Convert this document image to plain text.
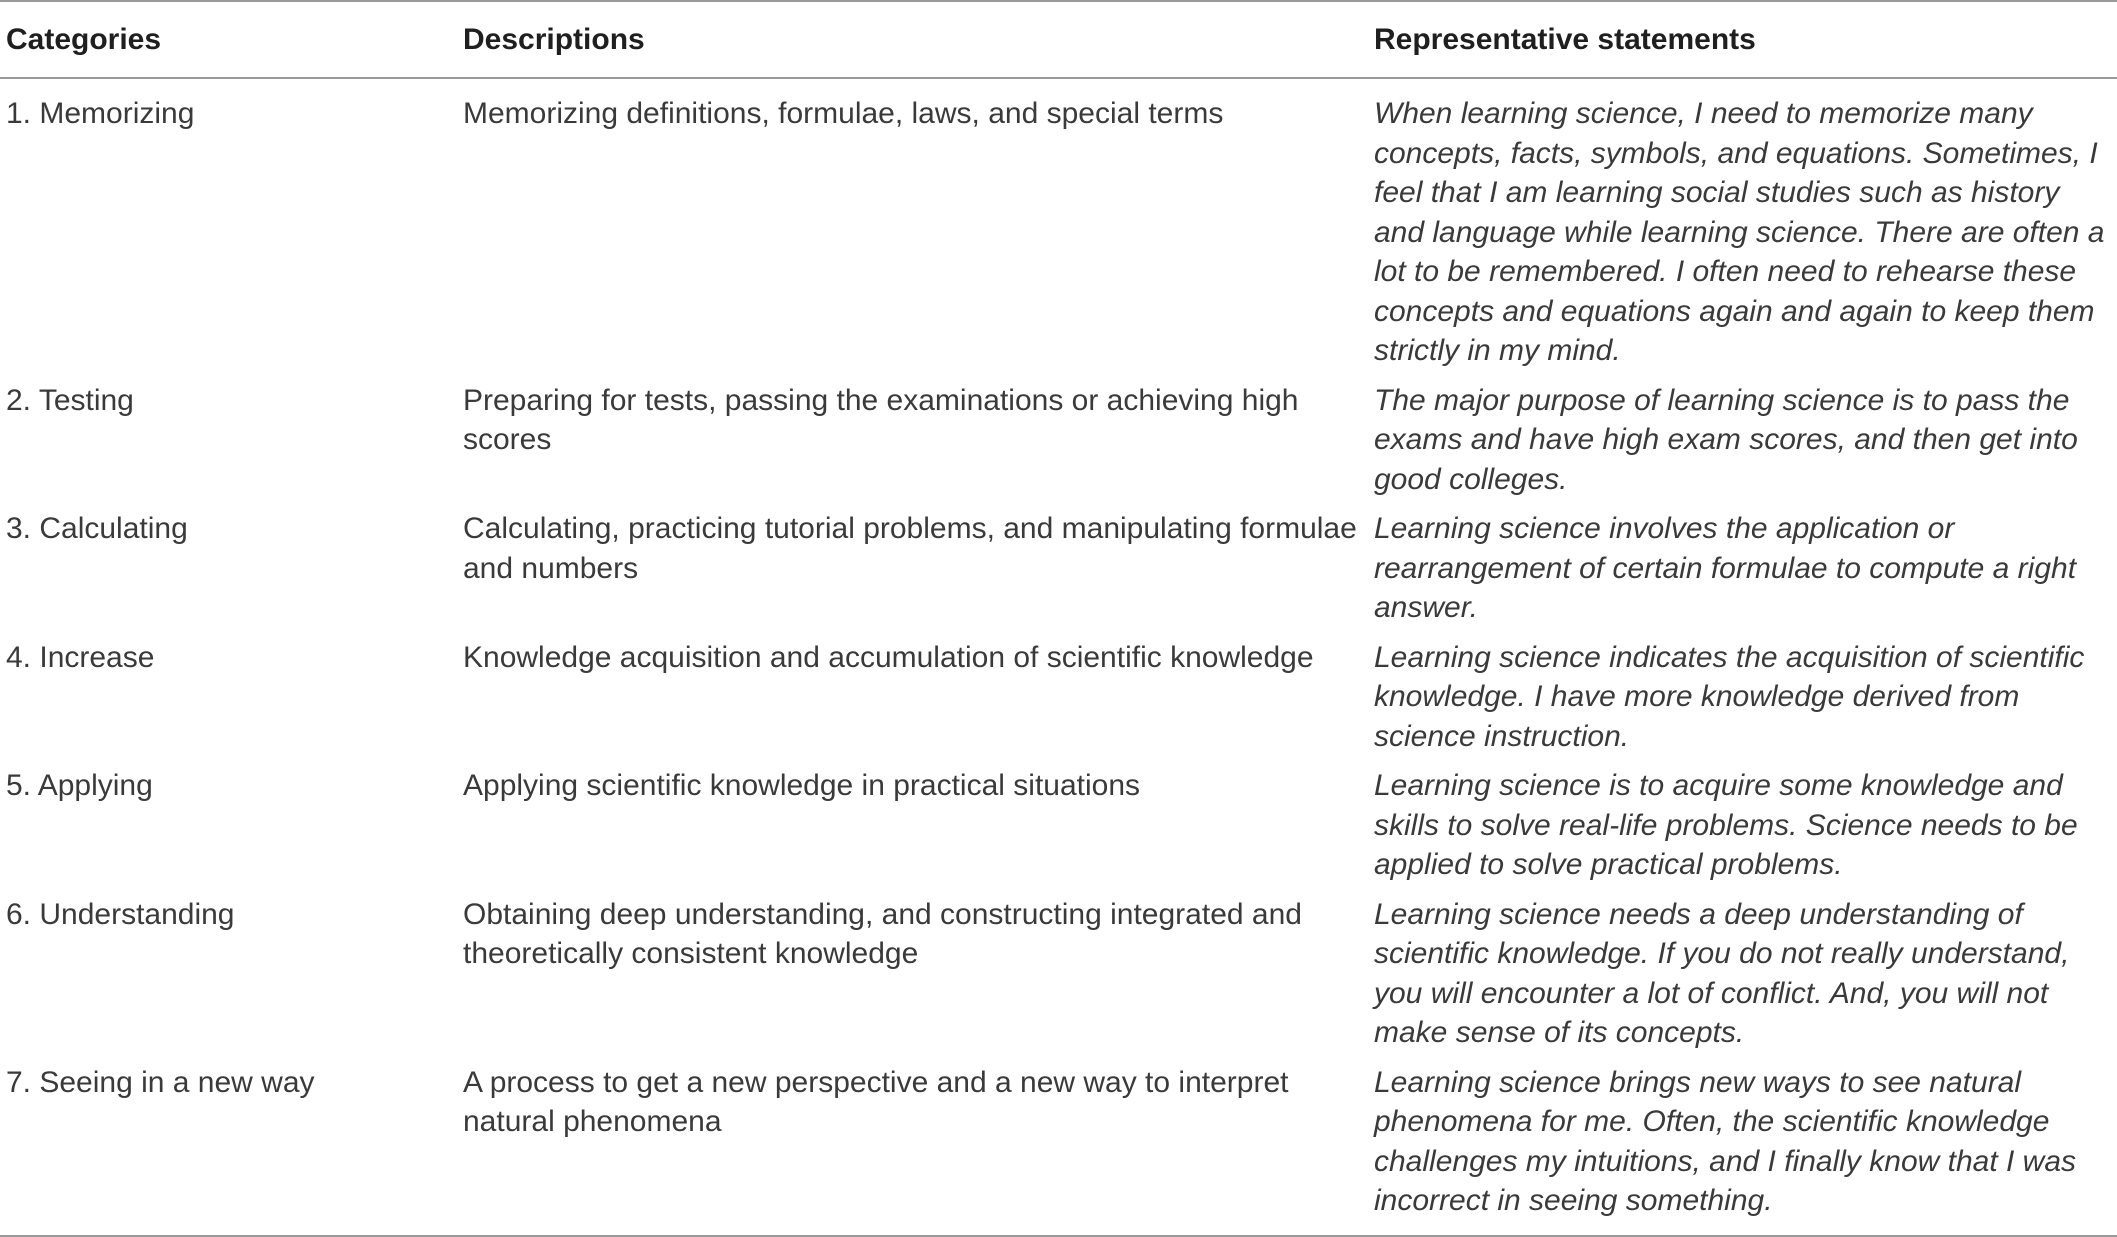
Categories	Descriptions	Representative statements
1. Memorizing	Memorizing definitions, formulae, laws, and special terms	When learning science, I need to memorize many concepts, facts, symbols, and equations. Sometimes, I feel that I am learning social studies such as history and language while learning science. There are often a lot to be remembered. I often need to rehearse these concepts and equations again and again to keep them strictly in my mind.
2. Testing	Preparing for tests, passing the examinations or achieving high scores	The major purpose of learning science is to pass the exams and have high exam scores, and then get into good colleges.
3. Calculating	Calculating, practicing tutorial problems, and manipulating formulae and numbers	Learning science involves the application or rearrangement of certain formulae to compute a right answer.
4. Increase	Knowledge acquisition and accumulation of scientific knowledge	Learning science indicates the acquisition of scientific knowledge. I have more knowledge derived from science instruction.
5. Applying	Applying scientific knowledge in practical situations	Learning science is to acquire some knowledge and skills to solve real-life problems. Science needs to be applied to solve practical problems.
6. Understanding	Obtaining deep understanding, and constructing integrated and theoretically consistent knowledge	Learning science needs a deep understanding of scientific knowledge. If you do not really understand, you will encounter a lot of conflict. And, you will not make sense of its concepts.
7. Seeing in a new way	A process to get a new perspective and a new way to interpret natural phenomena	Learning science brings new ways to see natural phenomena for me. Often, the scientific knowledge challenges my intuitions, and I finally know that I was incorrect in seeing something.
